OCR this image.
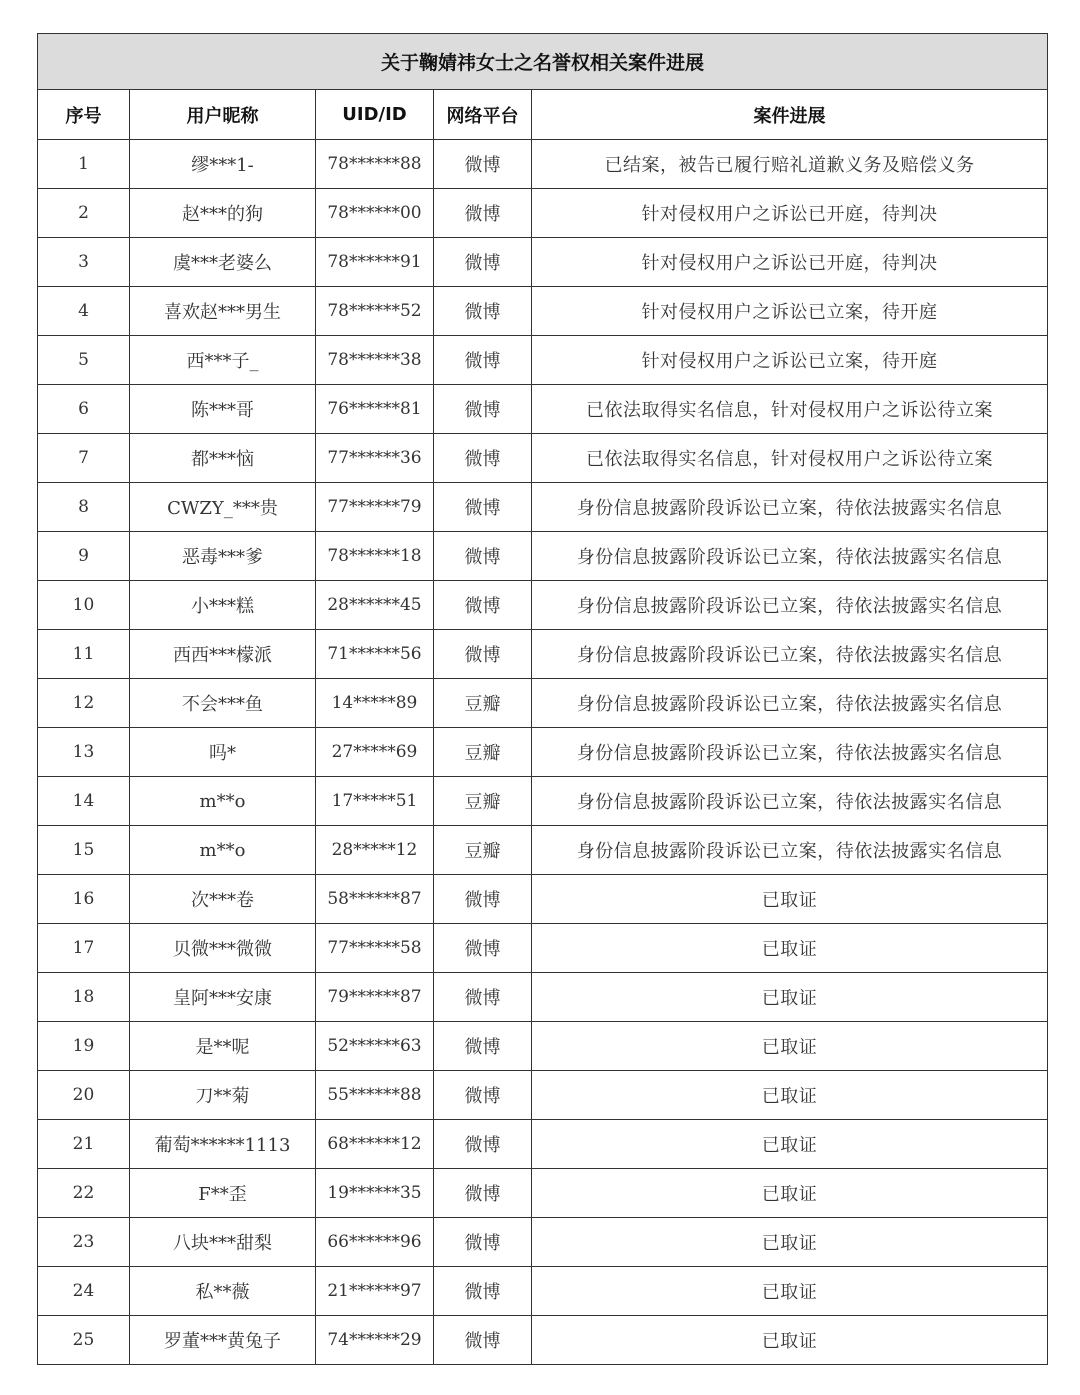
关于鞠婧祎女士之名誉权相关案件进展				
序号	用户昵称	UID/ID	网络平台	案件进展
1	缪***1-	78******88	微博	已结案，被告已履行赔礼道歉义务及赔偿义务
2	赵***的狗	78******00	微博	针对侵权用户之诉讼已开庭，待判决
3	虞***老婆么	78******91	微博	针对侵权用户之诉讼已开庭，待判决
4	喜欢赵***男生	78******52	微博	针对侵权用户之诉讼已立案，待开庭
5	西***子_	78******38	微博	针对侵权用户之诉讼已立案，待开庭
6	陈***哥	76******81	微博	已依法取得实名信息，针对侵权用户之诉讼待立案
7	都***恼	77******36	微博	已依法取得实名信息，针对侵权用户之诉讼待立案
8	CWZY_***贵	77******79	微博	身份信息披露阶段诉讼已立案，待依法披露实名信息
9	恶毒***爹	78******18	微博	身份信息披露阶段诉讼已立案，待依法披露实名信息
10	小***糕	28******45	微博	身份信息披露阶段诉讼已立案，待依法披露实名信息
11	西西***檬派	71******56	微博	身份信息披露阶段诉讼已立案，待依法披露实名信息
12	不会***鱼	14*****89	豆瓣	身份信息披露阶段诉讼已立案，待依法披露实名信息
13	吗*	27*****69	豆瓣	身份信息披露阶段诉讼已立案，待依法披露实名信息
14	m**o	17*****51	豆瓣	身份信息披露阶段诉讼已立案，待依法披露实名信息
15	m**o	28*****12	豆瓣	身份信息披露阶段诉讼已立案，待依法披露实名信息
16	次***卷	58******87	微博	已取证
17	贝微***微微	77******58	微博	已取证
18	皇阿***安康	79******87	微博	已取证
19	是**呢	52******63	微博	已取证
20	刀**菊	55******88	微博	已取证
21	葡萄******1113	68******12	微博	已取证
22	F**歪	19******35	微博	已取证
23	八块***甜梨	66******96	微博	已取证
24	私**薇	21******97	微博	已取证
25	罗董***黄兔子	74******29	微博	已取证
